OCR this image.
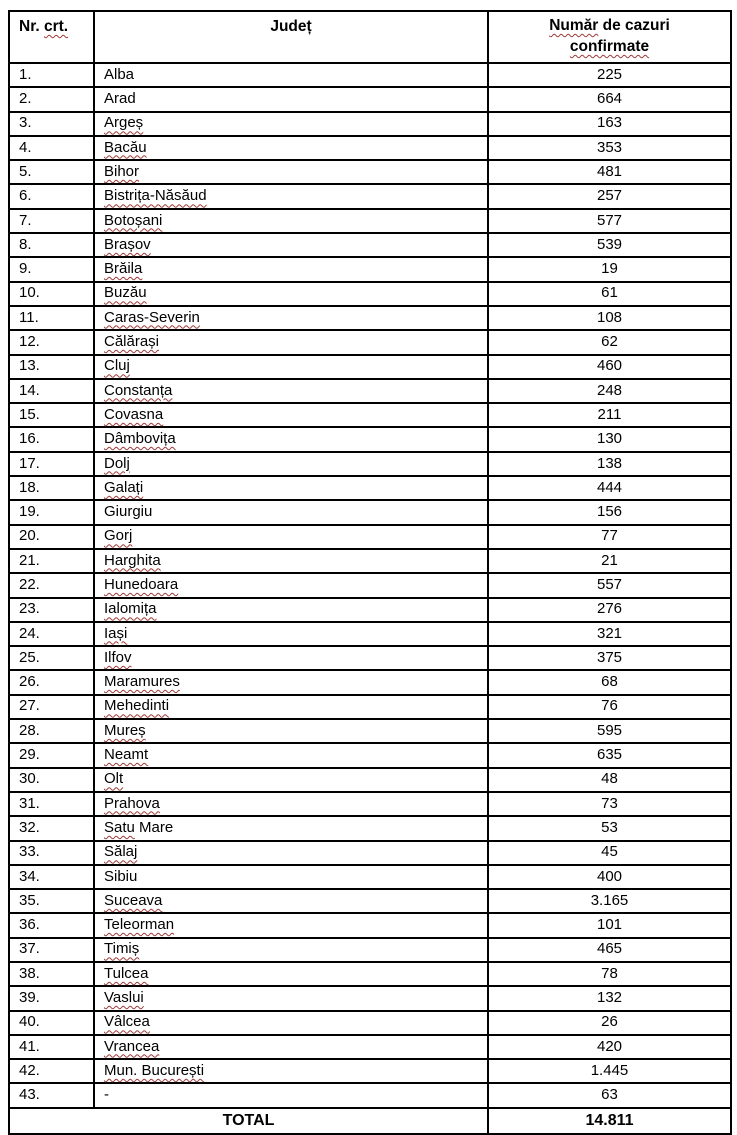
Nr. crt.	Județ	Număr de cazuri confirmate
1.	Alba	225
2.	Arad	664
3.	Argeș	163
4.	Bacău	353
5.	Bihor	481
6.	Bistrița-Năsăud	257
7.	Botoșani	577
8.	Brașov	539
9.	Brăila	19
10.	Buzău	61
11.	Caras-Severin	108
12.	Călărași	62
13.	Cluj	460
14.	Constanța	248
15.	Covasna	211
16.	Dâmbovița	130
17.	Dolj	138
18.	Galați	444
19.	Giurgiu	156
20.	Gorj	77
21.	Harghita	21
22.	Hunedoara	557
23.	Ialomița	276
24.	Iași	321
25.	Ilfov	375
26.	Maramures	68
27.	Mehedinti	76
28.	Mureș	595
29.	Neamt	635
30.	Olt	48
31.	Prahova	73
32.	Satu Mare	53
33.	Sălaj	45
34.	Sibiu	400
35.	Suceava	3.165
36.	Teleorman	101
37.	Timiș	465
38.	Tulcea	78
39.	Vaslui	132
40.	Vâlcea	26
41.	Vrancea	420
42.	Mun. București	1.445
43.	-	63
TOTAL		14.811
